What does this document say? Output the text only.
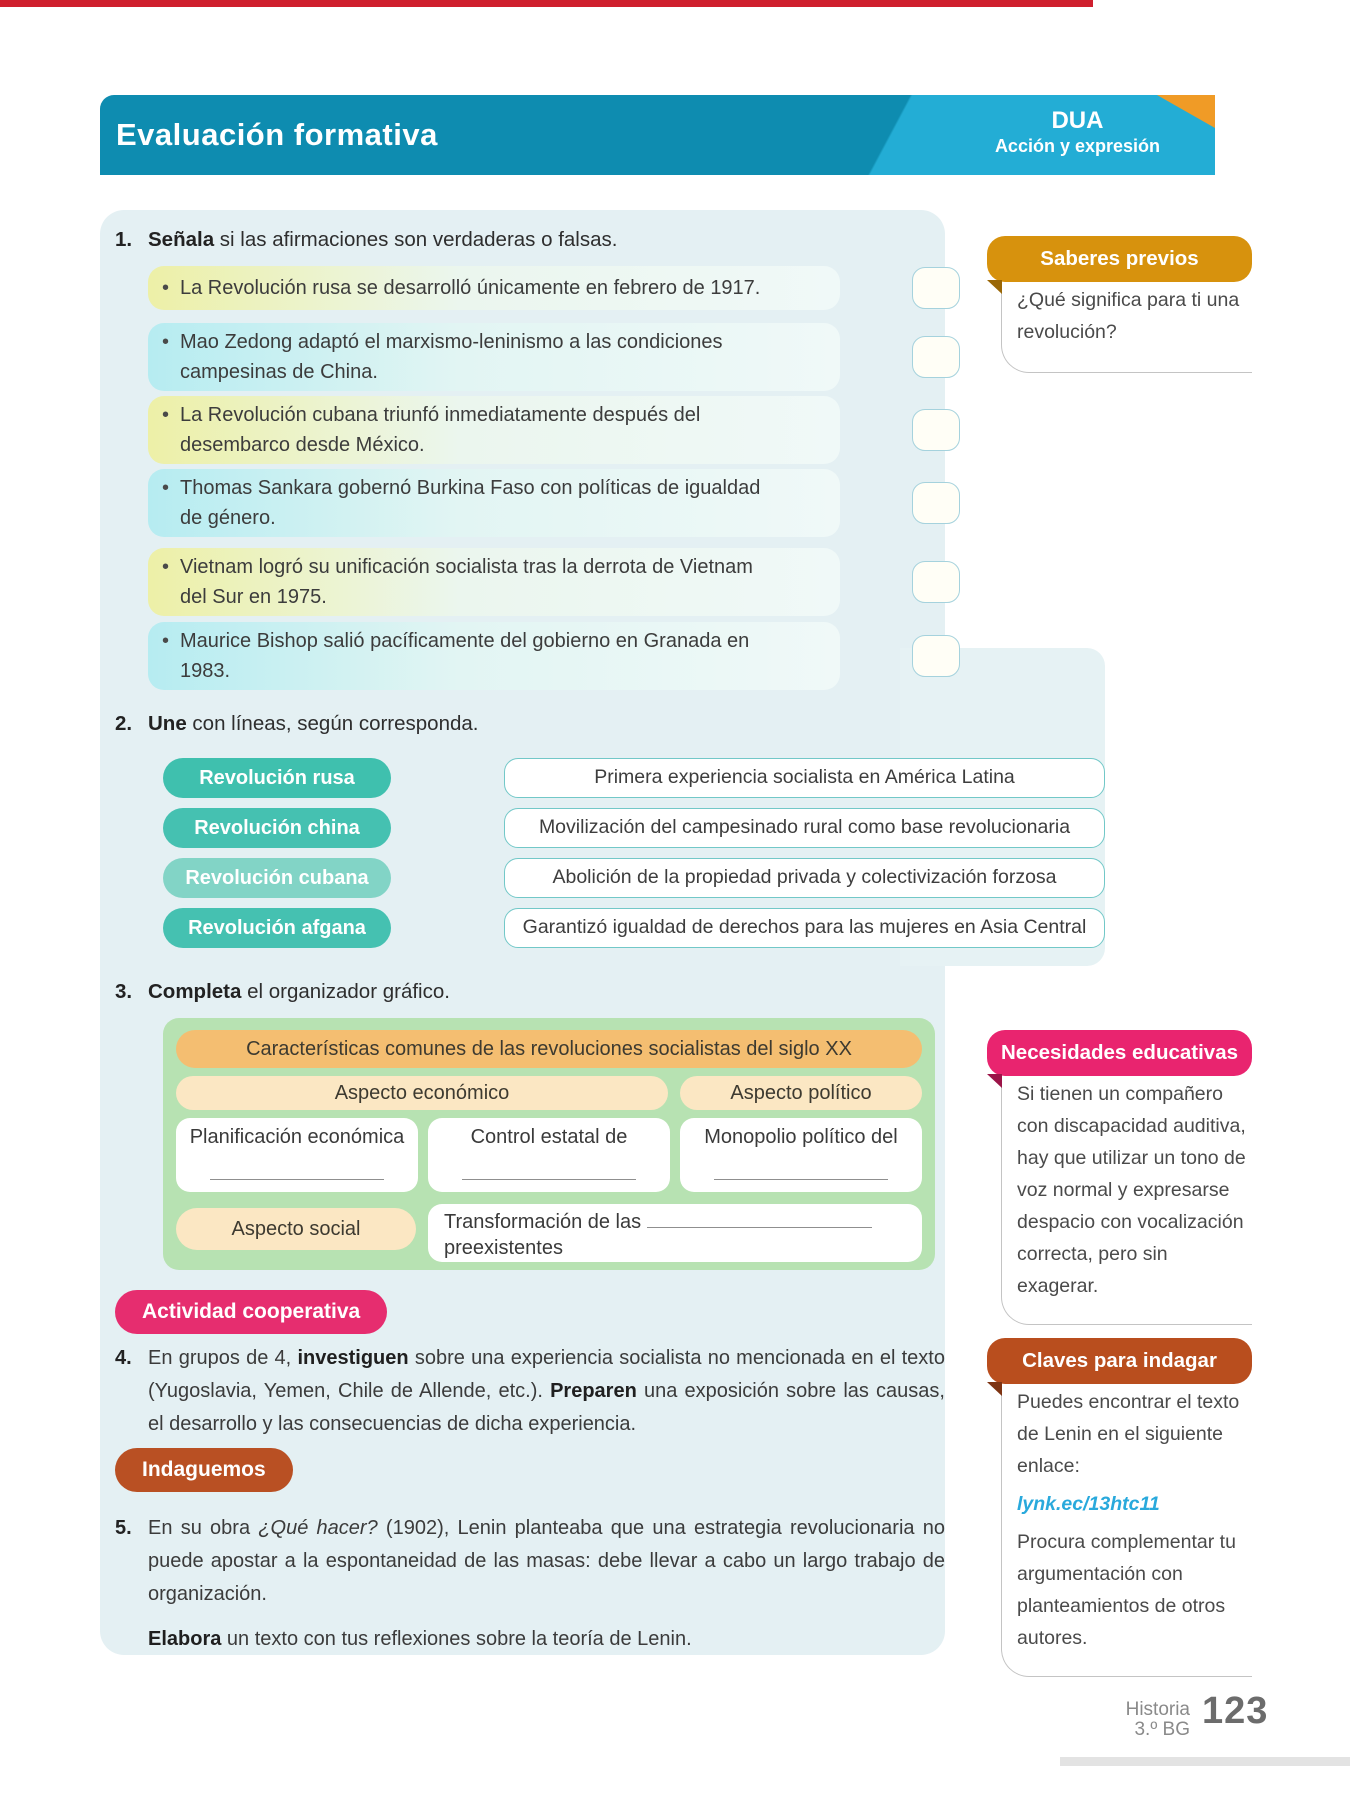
Evaluación formativa	DUA
Acción y expresión
1. Señala si las afirmaciones son verdaderas o falsas.
• La Revolución rusa se desarrolló únicamente en febrero de 1917.
• Mao Zedong adaptó el marxismo-leninismo a las condiciones campesinas de China.
• La Revolución cubana triunfó inmediatamente después del desembarco desde México.
• Thomas Sankara gobernó Burkina Faso con políticas de igualdad de género.
• Vietnam logró su unificación socialista tras la derrota de Vietnam del Sur en 1975.
• Maurice Bishop salió pacíficamente del gobierno en Granada en 1983.
2. Une con líneas, según corresponda.
Revolución rusa
Revolución china
Revolución cubana
Revolución afgana
Primera experiencia socialista en América Latina
Movilización del campesinado rural como base revolucionaria
Abolición de la propiedad privada y colectivización forzosa
Garantizó igualdad de derechos para las mujeres en Asia Central
3. Completa el organizador gráfico.
Características comunes de las revoluciones socialistas del siglo XX
Aspecto económico	Aspecto político
Planificación económica	Control estatal de	Monopolio político del
Aspecto social	Transformación de las
preexistentes
Actividad cooperativa
4. En grupos de 4, investiguen sobre una experiencia socialista no mencionada en el texto (Yugoslavia, Yemen, Chile de Allende, etc.). Preparen una exposición sobre las causas, el desarrollo y las consecuencias de dicha experiencia.
Indaguemos
5. En su obra ¿Qué hacer? (1902), Lenin planteaba que una estrategia revolucionaria no puede apostar a la espontaneidad de las masas: debe llevar a cabo un largo trabajo de organización.
Elabora un texto con tus reflexiones sobre la teoría de Lenin.
Saberes previos
¿Qué significa para ti una revolución?
Necesidades educativas
Si tienen un compañero con discapacidad auditiva, hay que utilizar un tono de voz normal y expresarse despacio con vocalización correcta, pero sin exagerar.
Claves para indagar
Puedes encontrar el texto de Lenin en el siguiente enlace:
lynk.ec/13htc11
Procura complementar tu argumentación con planteamientos de otros autores.
Historia
3.º BG 123
